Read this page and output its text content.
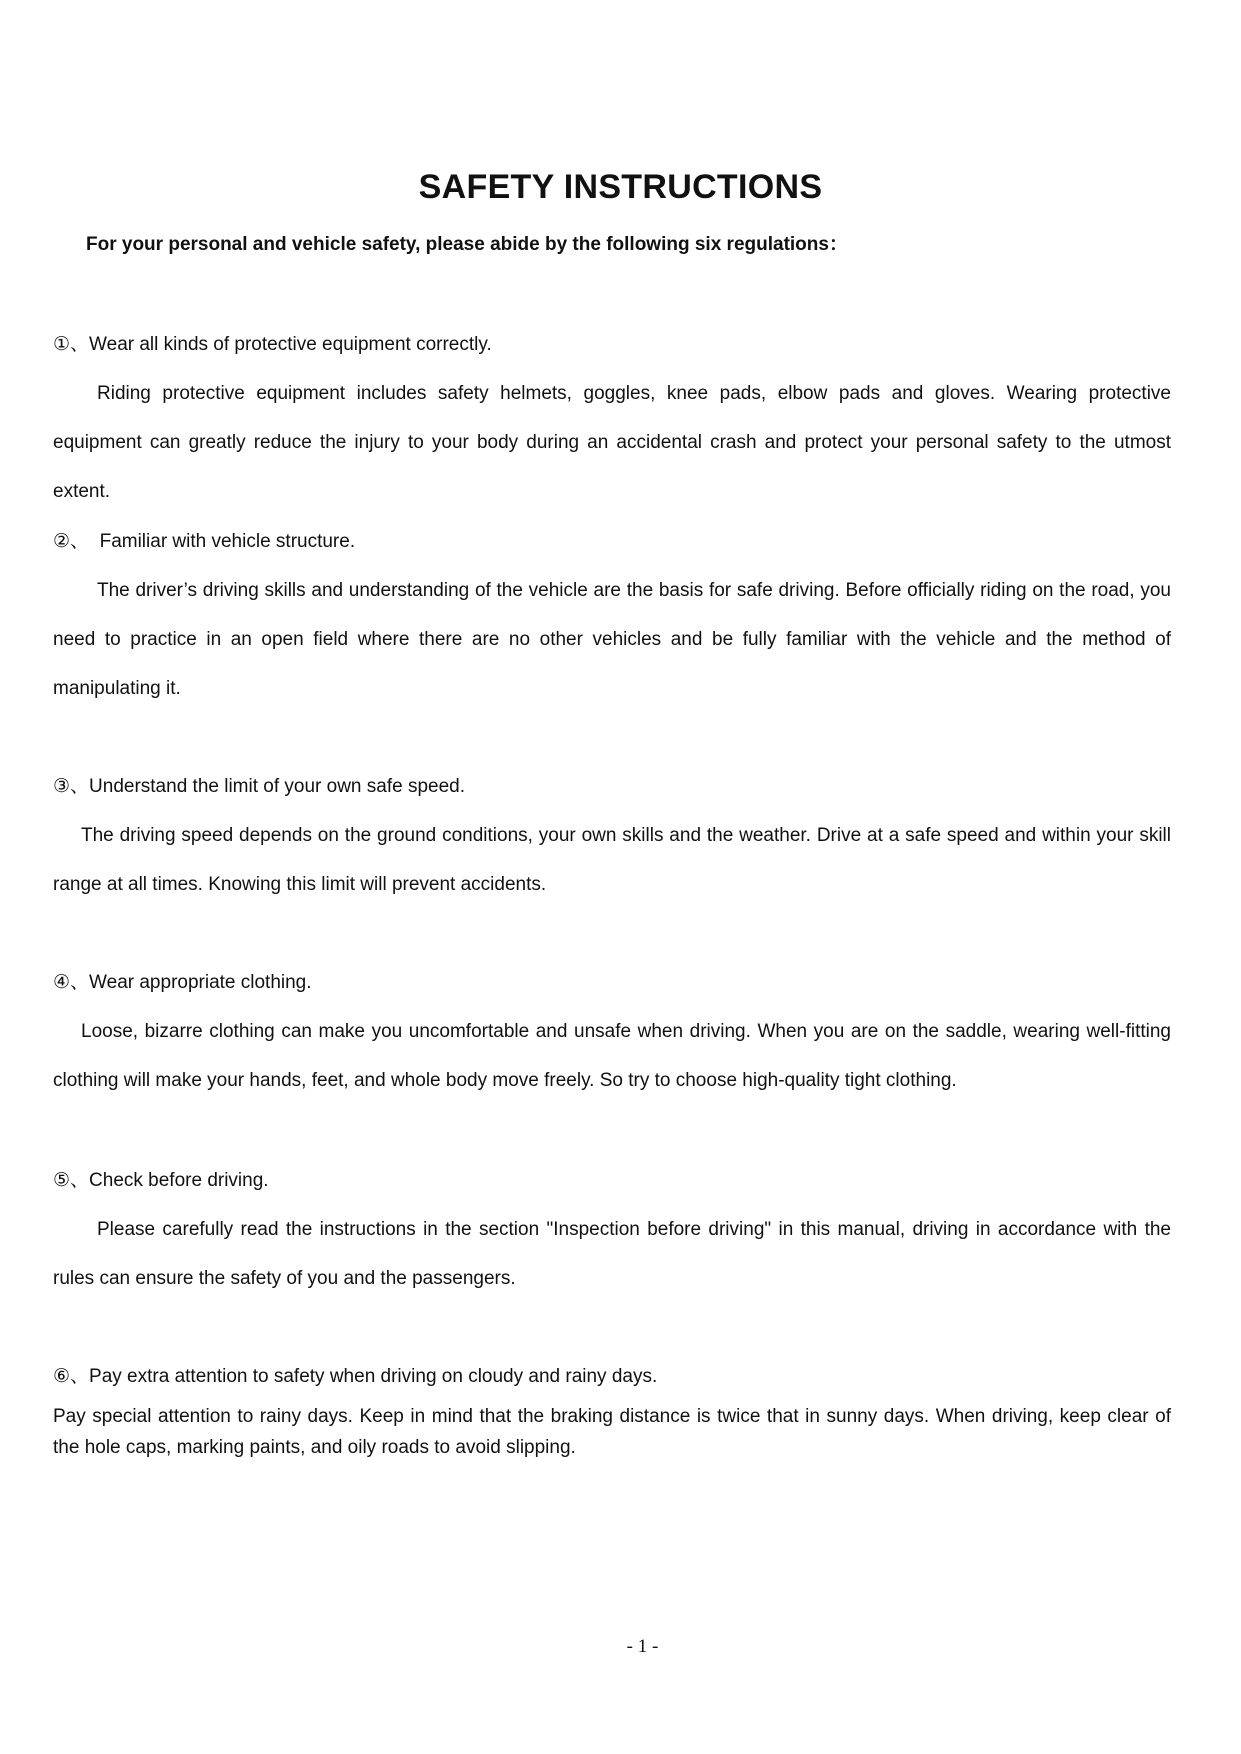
SAFETY INSTRUCTIONS
For your personal and vehicle safety, please abide by the following six regulations：
①、Wear all kinds of protective equipment correctly.
Riding protective equipment includes safety helmets, goggles, knee pads, elbow pads and gloves. Wearing protective equipment can greatly reduce the injury to your body during an accidental crash and protect your personal safety to the utmost extent.
②、  Familiar with vehicle structure.
The driver’s driving skills and understanding of the vehicle are the basis for safe driving. Before officially riding on the road, you need to practice in an open field where there are no other vehicles and be fully familiar with the vehicle and the method of manipulating it.
③、Understand the limit of your own safe speed.
The driving speed depends on the ground conditions, your own skills and the weather. Drive at a safe speed and within your skill range at all times. Knowing this limit will prevent accidents.
④、Wear appropriate clothing.
Loose, bizarre clothing can make you uncomfortable and unsafe when driving. When you are on the saddle, wearing well-fitting clothing will make your hands, feet, and whole body move freely. So try to choose high-quality tight clothing.
⑤、Check before driving.
Please carefully read the instructions in the section "Inspection before driving" in this manual, driving in accordance with the rules can ensure the safety of you and the passengers.
⑥、Pay extra attention to safety when driving on cloudy and rainy days.
Pay special attention to rainy days. Keep in mind that the braking distance is twice that in sunny days. When driving, keep clear of the hole caps, marking paints, and oily roads to avoid slipping.
- 1 -
